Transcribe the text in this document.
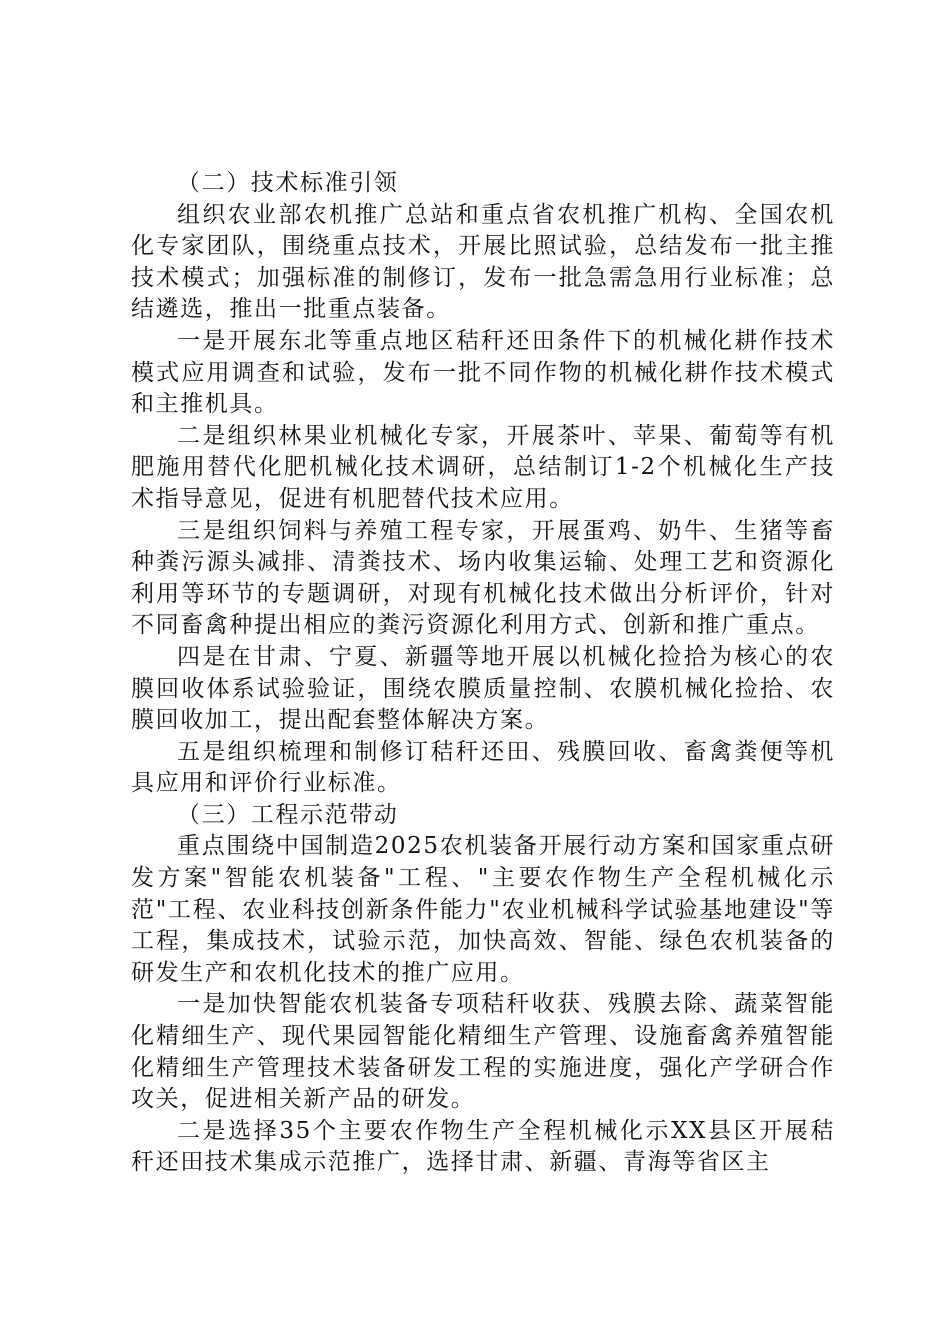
（二）技术标准引领

组织农业部农机推广总站和重点省农机推广机构、全国农机化专家团队，围绕重点技术，开展比照试验，总结发布一批主推技术模式；加强标准的制修订，发布一批急需急用行业标准；总结遴选，推出一批重点装备。

一是开展东北等重点地区秸秆还田条件下的机械化耕作技术模式应用调查和试验，发布一批不同作物的机械化耕作技术模式和主推机具。

二是组织林果业机械化专家，开展茶叶、苹果、葡萄等有机肥施用替代化肥机械化技术调研，总结制订1-2个机械化生产技术指导意见，促进有机肥替代技术应用。

三是组织饲料与养殖工程专家，开展蛋鸡、奶牛、生猪等畜种粪污源头减排、清粪技术、场内收集运输、处理工艺和资源化利用等环节的专题调研，对现有机械化技术做出分析评价，针对不同畜禽种提出相应的粪污资源化利用方式、创新和推广重点。

四是在甘肃、宁夏、新疆等地开展以机械化捡拾为核心的农膜回收体系试验验证，围绕农膜质量控制、农膜机械化捡拾、农膜回收加工，提出配套整体解决方案。

五是组织梳理和制修订秸秆还田、残膜回收、畜禽粪便等机具应用和评价行业标准。

（三）工程示范带动

重点围绕中国制造2025农机装备开展行动方案和国家重点研发方案"智能农机装备"工程、"主要农作物生产全程机械化示范"工程、农业科技创新条件能力"农业机械科学试验基地建设"等工程，集成技术，试验示范，加快高效、智能、绿色农机装备的研发生产和农机化技术的推广应用。

一是加快智能农机装备专项秸秆收获、残膜去除、蔬菜智能化精细生产、现代果园智能化精细生产管理、设施畜禽养殖智能化精细生产管理技术装备研发工程的实施进度，强化产学研合作攻关，促进相关新产品的研发。

二是选择35个主要农作物生产全程机械化示XX县区开展秸秆还田技术集成示范推广，选择甘肃、新疆、青海等省区主
